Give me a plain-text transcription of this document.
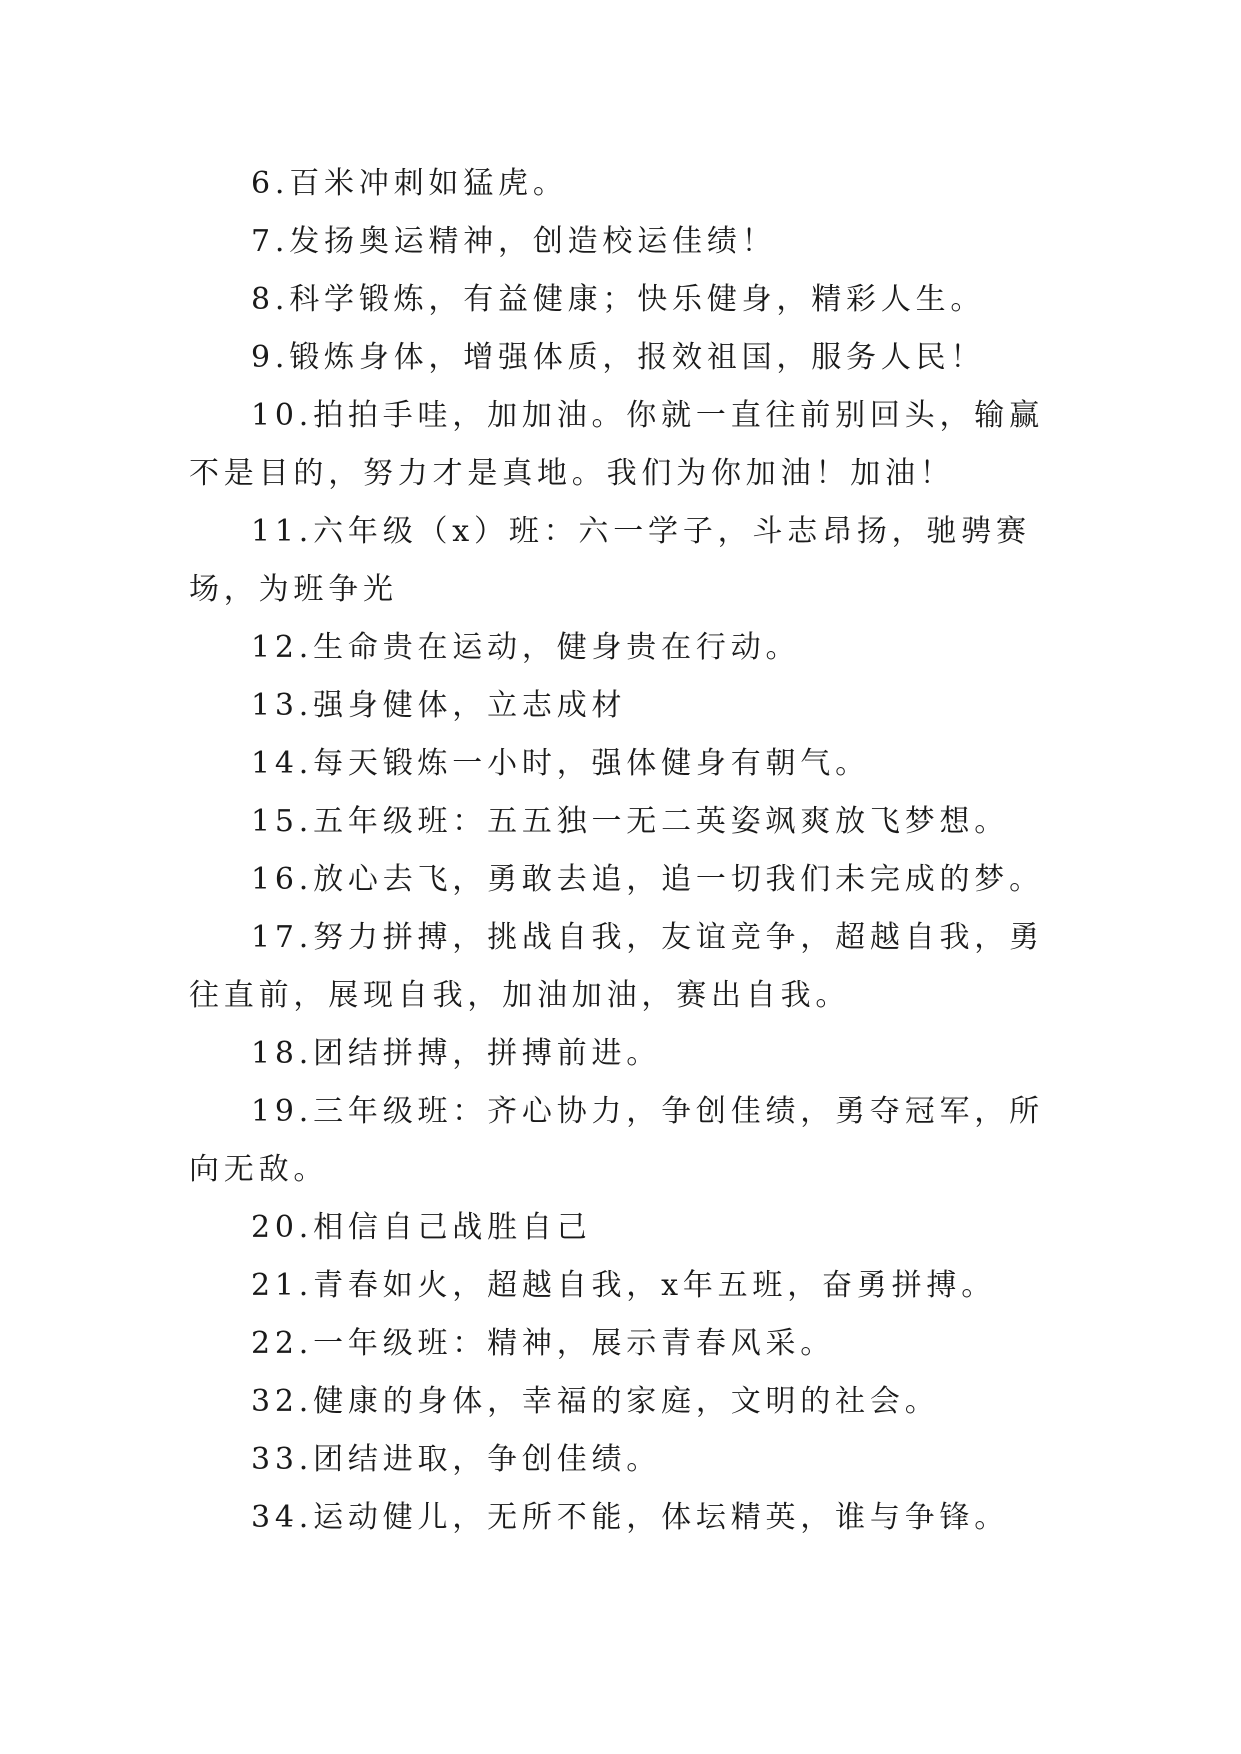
6.百米冲刺如猛虎。

7.发扬奥运精神，创造校运佳绩！

8.科学锻炼，有益健康；快乐健身，精彩人生。

9.锻炼身体，增强体质，报效祖国，服务人民！

10.拍拍手哇，加加油。你就一直往前别回头，输赢不是目的，努力才是真地。我们为你加油！加油！

11.六年级（x）班：六一学子，斗志昂扬，驰骋赛场，为班争光

12.生命贵在运动，健身贵在行动。

13.强身健体，立志成材

14.每天锻炼一小时，强体健身有朝气。

15.五年级班：五五独一无二英姿飒爽放飞梦想。

16.放心去飞，勇敢去追，追一切我们未完成的梦。

17.努力拼搏，挑战自我，友谊竞争，超越自我，勇往直前，展现自我，加油加油，赛出自我。

18.团结拼搏，拼搏前进。

19.三年级班：齐心协力，争创佳绩，勇夺冠军，所向无敌。

20.相信自己战胜自己

21.青春如火，超越自我，x年五班，奋勇拼搏。

22.一年级班：精神，展示青春风采。

32.健康的身体，幸福的家庭，文明的社会。

33.团结进取，争创佳绩。

34.运动健儿，无所不能，体坛精英，谁与争锋。
